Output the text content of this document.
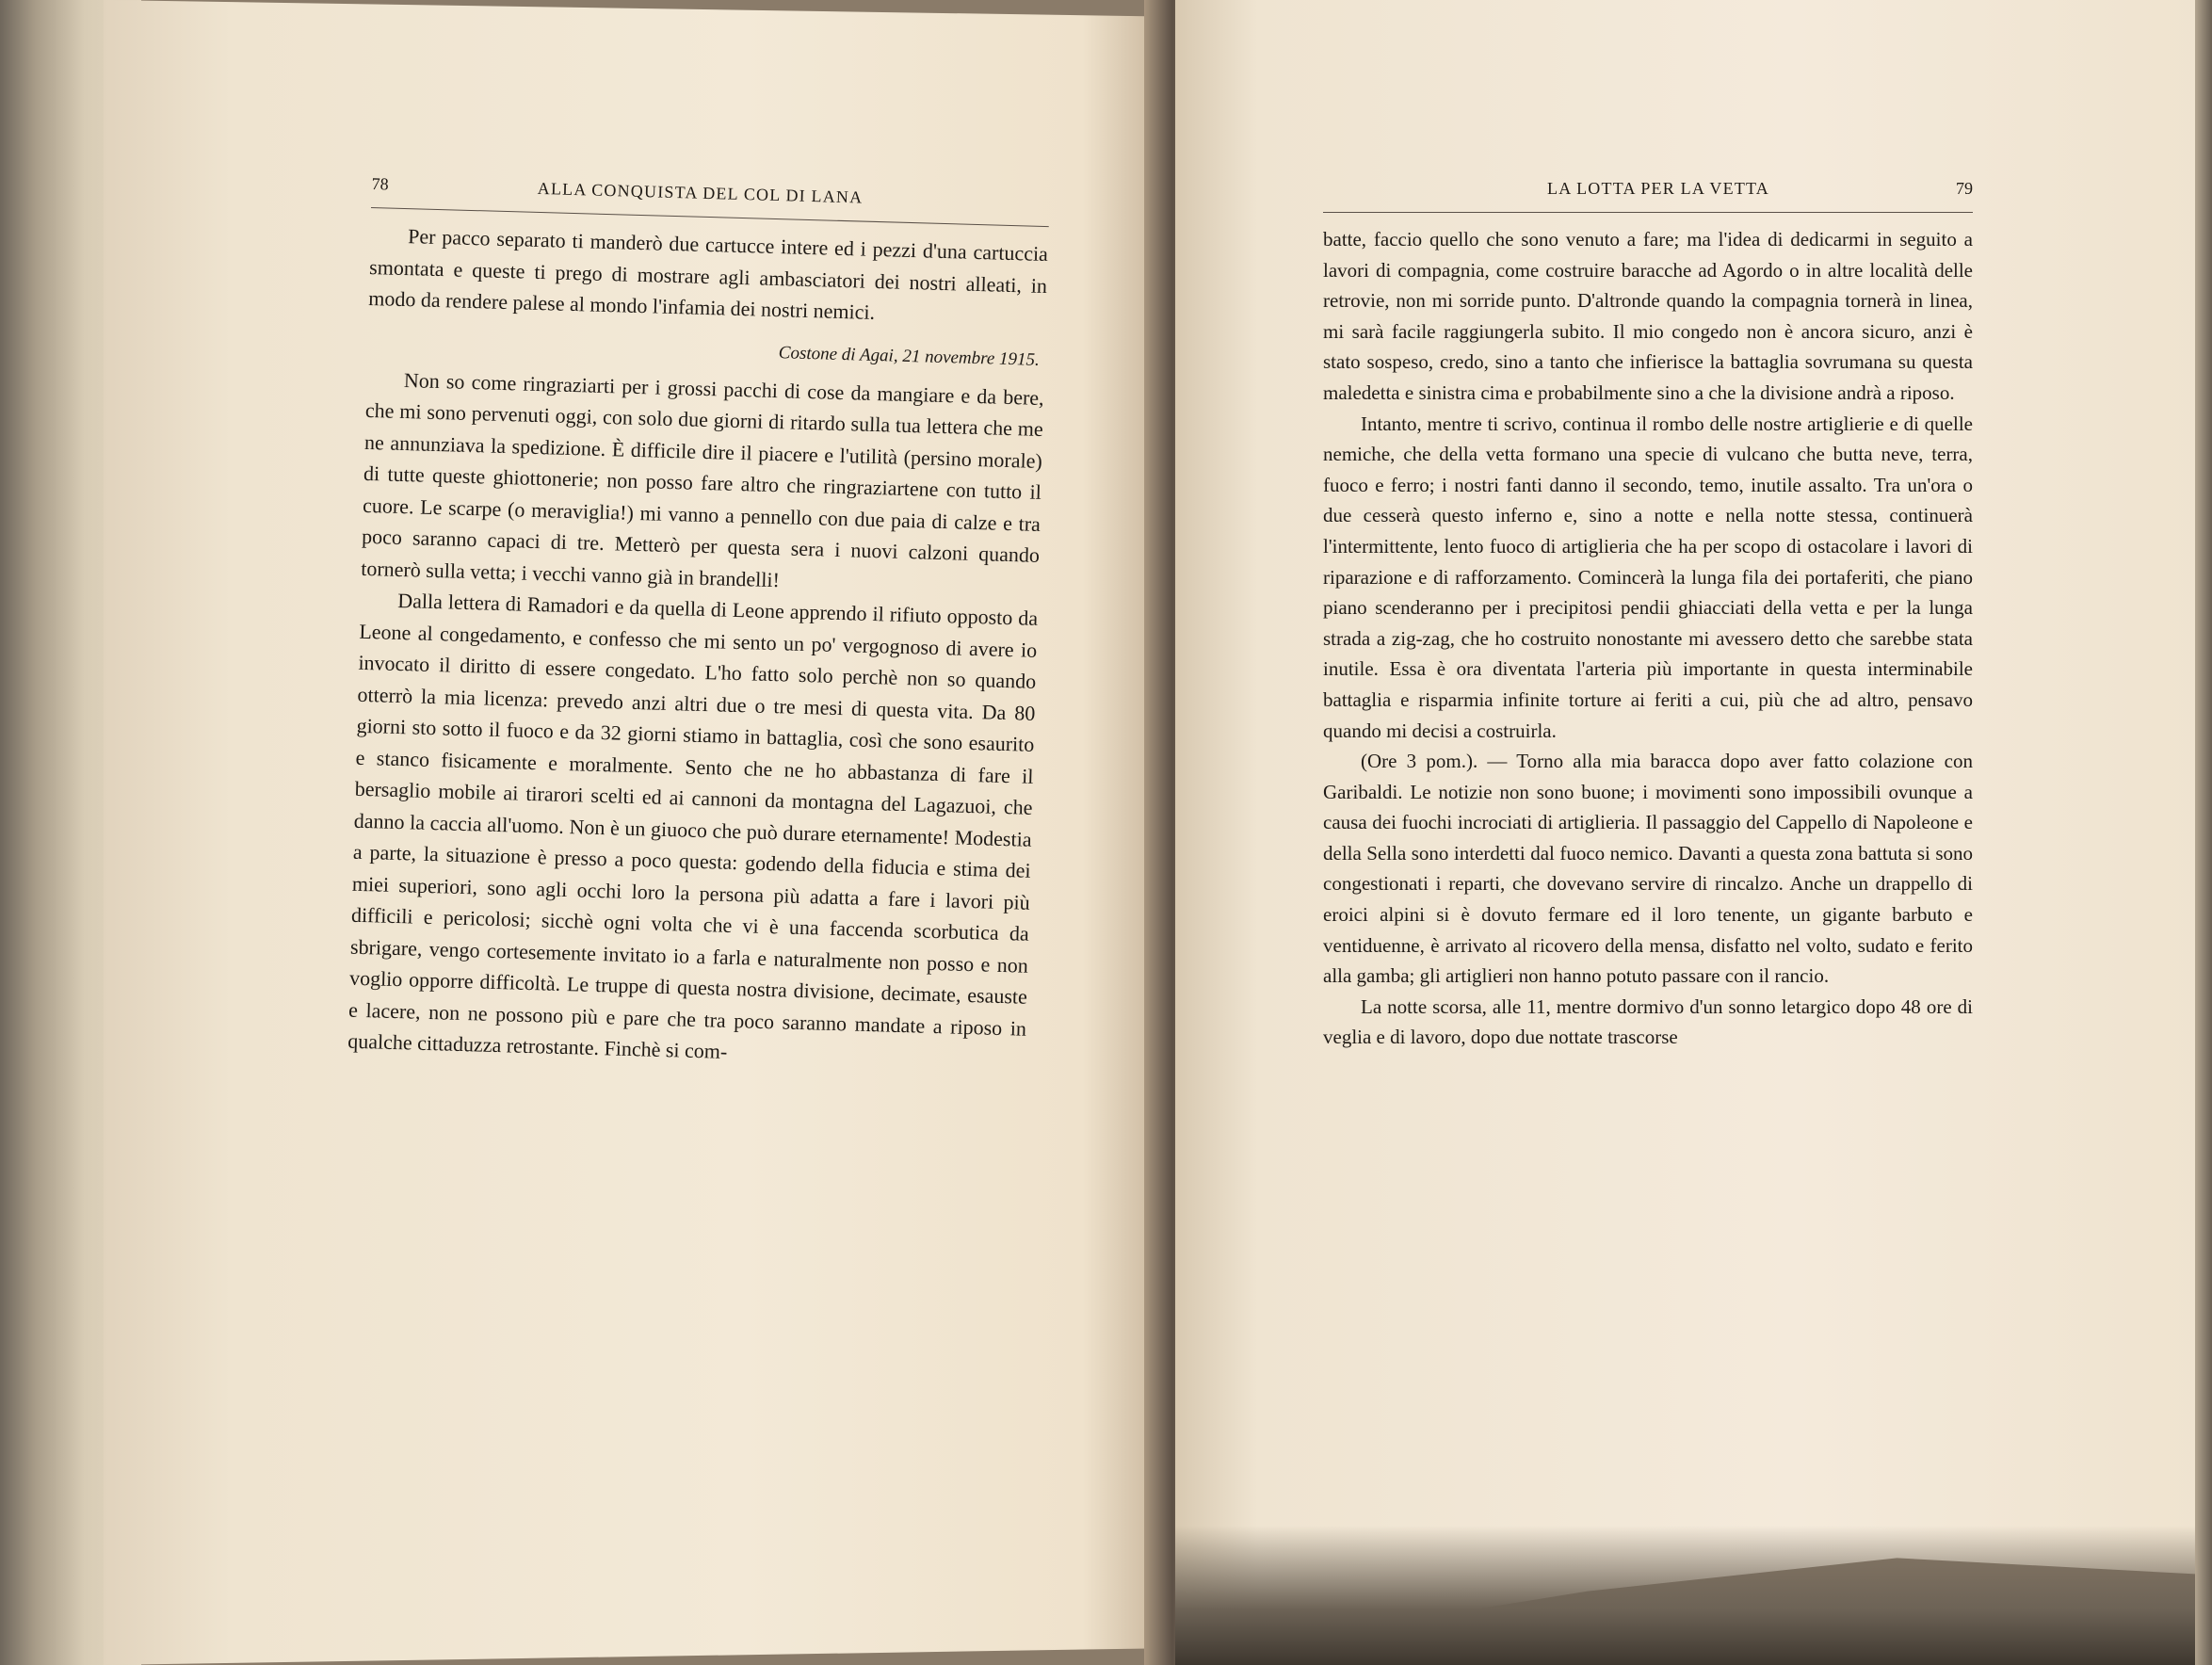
78	ALLA CONQUISTA DEL COL DI LANA

Per pacco separato ti manderò due cartucce intere ed i pezzi d'una cartuccia smontata e queste ti prego di mostrare agli ambasciatori dei nostri alleati, in modo da rendere palese al mondo l'infamia dei nostri nemici.

Costone di Agai, 21 novembre 1915.

Non so come ringraziarti per i grossi pacchi di cose da mangiare e da bere, che mi sono pervenuti oggi, con solo due giorni di ritardo sulla tua lettera che me ne annunziava la spedizione. È difficile dire il piacere e l'utilità (persino morale) di tutte queste ghiottonerie; non posso fare altro che ringraziartene con tutto il cuore. Le scarpe (o meraviglia!) mi vanno a pennello con due paia di calze e tra poco saranno capaci di tre. Metterò per questa sera i nuovi calzoni quando tornerò sulla vetta; i vecchi vanno già in brandelli!

Dalla lettera di Ramadori e da quella di Leone apprendo il rifiuto opposto da Leone al congedamento, e confesso che mi sento un po' vergognoso di avere io invocato il diritto di essere congedato. L'ho fatto solo perchè non so quando otterrò la mia licenza: prevedo anzi altri due o tre mesi di questa vita. Da 80 giorni sto sotto il fuoco e da 32 giorni stiamo in battaglia, così che sono esaurito e stanco fisicamente e moralmente. Sento che ne ho abbastanza di fare il bersaglio mobile ai tirarori scelti ed ai cannoni da montagna del Lagazuoi, che danno la caccia all'uomo. Non è un giuoco che può durare eternamente! Modestia a parte, la situazione è presso a poco questa: godendo della fiducia e stima dei miei superiori, sono agli occhi loro la persona più adatta a fare i lavori più difficili e pericolosi; sicchè ogni volta che vi è una faccenda scorbutica da sbrigare, vengo cortesemente invitato io a farla e naturalmente non posso e non voglio opporre difficoltà. Le truppe di questa nostra divisione, decimate, esauste e lacere, non ne possono più e pare che tra poco saranno mandate a riposo in qualche cittaduzza retrostante. Finchè si com-

LA LOTTA PER LA VETTA	79

batte, faccio quello che sono venuto a fare; ma l'idea di dedicarmi in seguito a lavori di compagnia, come costruire baracche ad Agordo o in altre località delle retrovie, non mi sorride punto. D'altronde quando la compagnia tornerà in linea, mi sarà facile raggiungerla subito. Il mio congedo non è ancora sicuro, anzi è stato sospeso, credo, sino a tanto che infierisce la battaglia sovrumana su questa maledetta e sinistra cima e probabilmente sino a che la divisione andrà a riposo.

Intanto, mentre ti scrivo, continua il rombo delle nostre artiglierie e di quelle nemiche, che della vetta formano una specie di vulcano che butta neve, terra, fuoco e ferro; i nostri fanti danno il secondo, temo, inutile assalto. Tra un'ora o due cesserà questo inferno e, sino a notte e nella notte stessa, continuerà l'intermittente, lento fuoco di artiglieria che ha per scopo di ostacolare i lavori di riparazione e di rafforzamento. Comincerà la lunga fila dei portaferiti, che piano piano scenderanno per i precipitosi pendii ghiacciati della vetta e per la lunga strada a zig-zag, che ho costruito nonostante mi avessero detto che sarebbe stata inutile. Essa è ora diventata l'arteria più importante in questa interminabile battaglia e risparmia infinite torture ai feriti a cui, più che ad altro, pensavo quando mi decisi a costruirla.

(Ore 3 pom.). — Torno alla mia baracca dopo aver fatto colazione con Garibaldi. Le notizie non sono buone; i movimenti sono impossibili ovunque a causa dei fuochi incrociati di artiglieria. Il passaggio del Cappello di Napoleone e della Sella sono interdetti dal fuoco nemico. Davanti a questa zona battuta si sono congestionati i reparti, che dovevano servire di rincalzo. Anche un drappello di eroici alpini si è dovuto fermare ed il loro tenente, un gigante barbuto e ventiduenne, è arrivato al ricovero della mensa, disfatto nel volto, sudato e ferito alla gamba; gli artiglieri non hanno potuto passare con il rancio.

La notte scorsa, alle 11, mentre dormivo d'un sonno letargico dopo 48 ore di veglia e di lavoro, dopo due nottate trascorse
